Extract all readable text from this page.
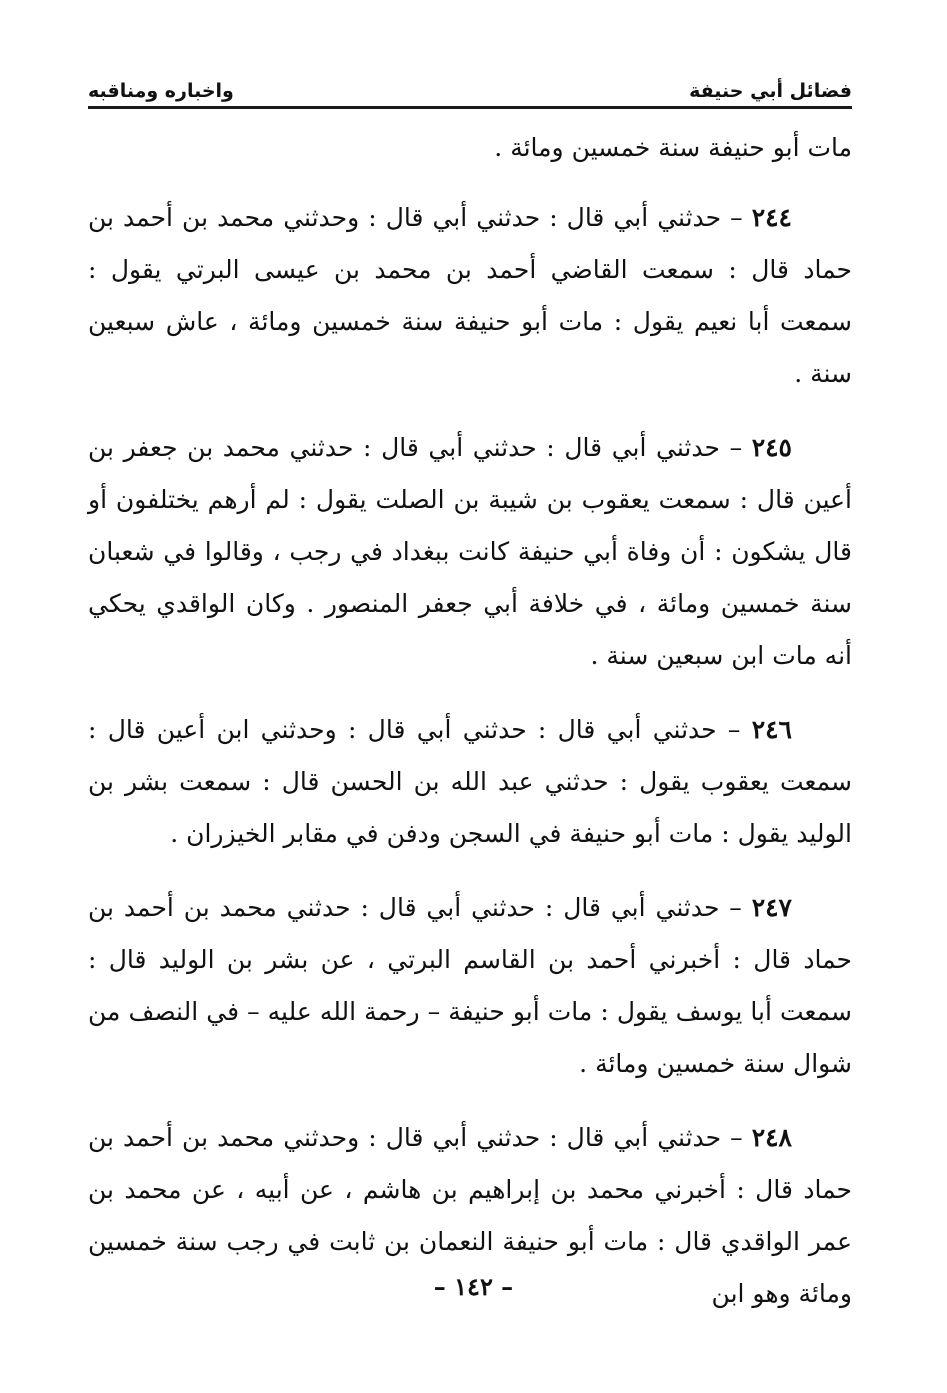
فضائل أبي حنيفة
واخباره ومناقبه

مات أبو حنيفة سنة خمسين ومائة .

٢٤٤ – حدثني أبي قال : حدثني أبي قال : وحدثني محمد بن أحمد بن حماد قال : سمعت القاضي أحمد بن محمد بن عيسى البرتي يقول : سمعت أبا نعيم يقول : مات أبو حنيفة سنة خمسين ومائة ، عاش سبعين سنة .

٢٤٥ – حدثني أبي قال : حدثني أبي قال : حدثني محمد بن جعفر بن أعين قال : سمعت يعقوب بن شيبة بن الصلت يقول : لم أرهم يختلفون أو قال يشكون : أن وفاة أبي حنيفة كانت ببغداد في رجب ، وقالوا في شعبان سنة خمسين ومائة ، في خلافة أبي جعفر المنصور . وكان الواقدي يحكي أنه مات ابن سبعين سنة .

٢٤٦ – حدثني أبي قال : حدثني أبي قال : وحدثني ابن أعين قال : سمعت يعقوب يقول : حدثني عبد الله بن الحسن قال : سمعت بشر بن الوليد يقول : مات أبو حنيفة في السجن ودفن في مقابر الخيزران .

٢٤٧ – حدثني أبي قال : حدثني أبي قال : حدثني محمد بن أحمد بن حماد قال : أخبرني أحمد بن القاسم البرتي ، عن بشر بن الوليد قال : سمعت أبا يوسف يقول : مات أبو حنيفة – رحمة الله عليه – في النصف من شوال سنة خمسين ومائة .

٢٤٨ – حدثني أبي قال : حدثني أبي قال : وحدثني محمد بن أحمد بن حماد قال : أخبرني محمد بن إبراهيم بن هاشم ، عن أبيه ، عن محمد بن عمر الواقدي قال : مات أبو حنيفة النعمان بن ثابت في رجب سنة خمسين ومائة وهو ابن

– ١٤٢ –
